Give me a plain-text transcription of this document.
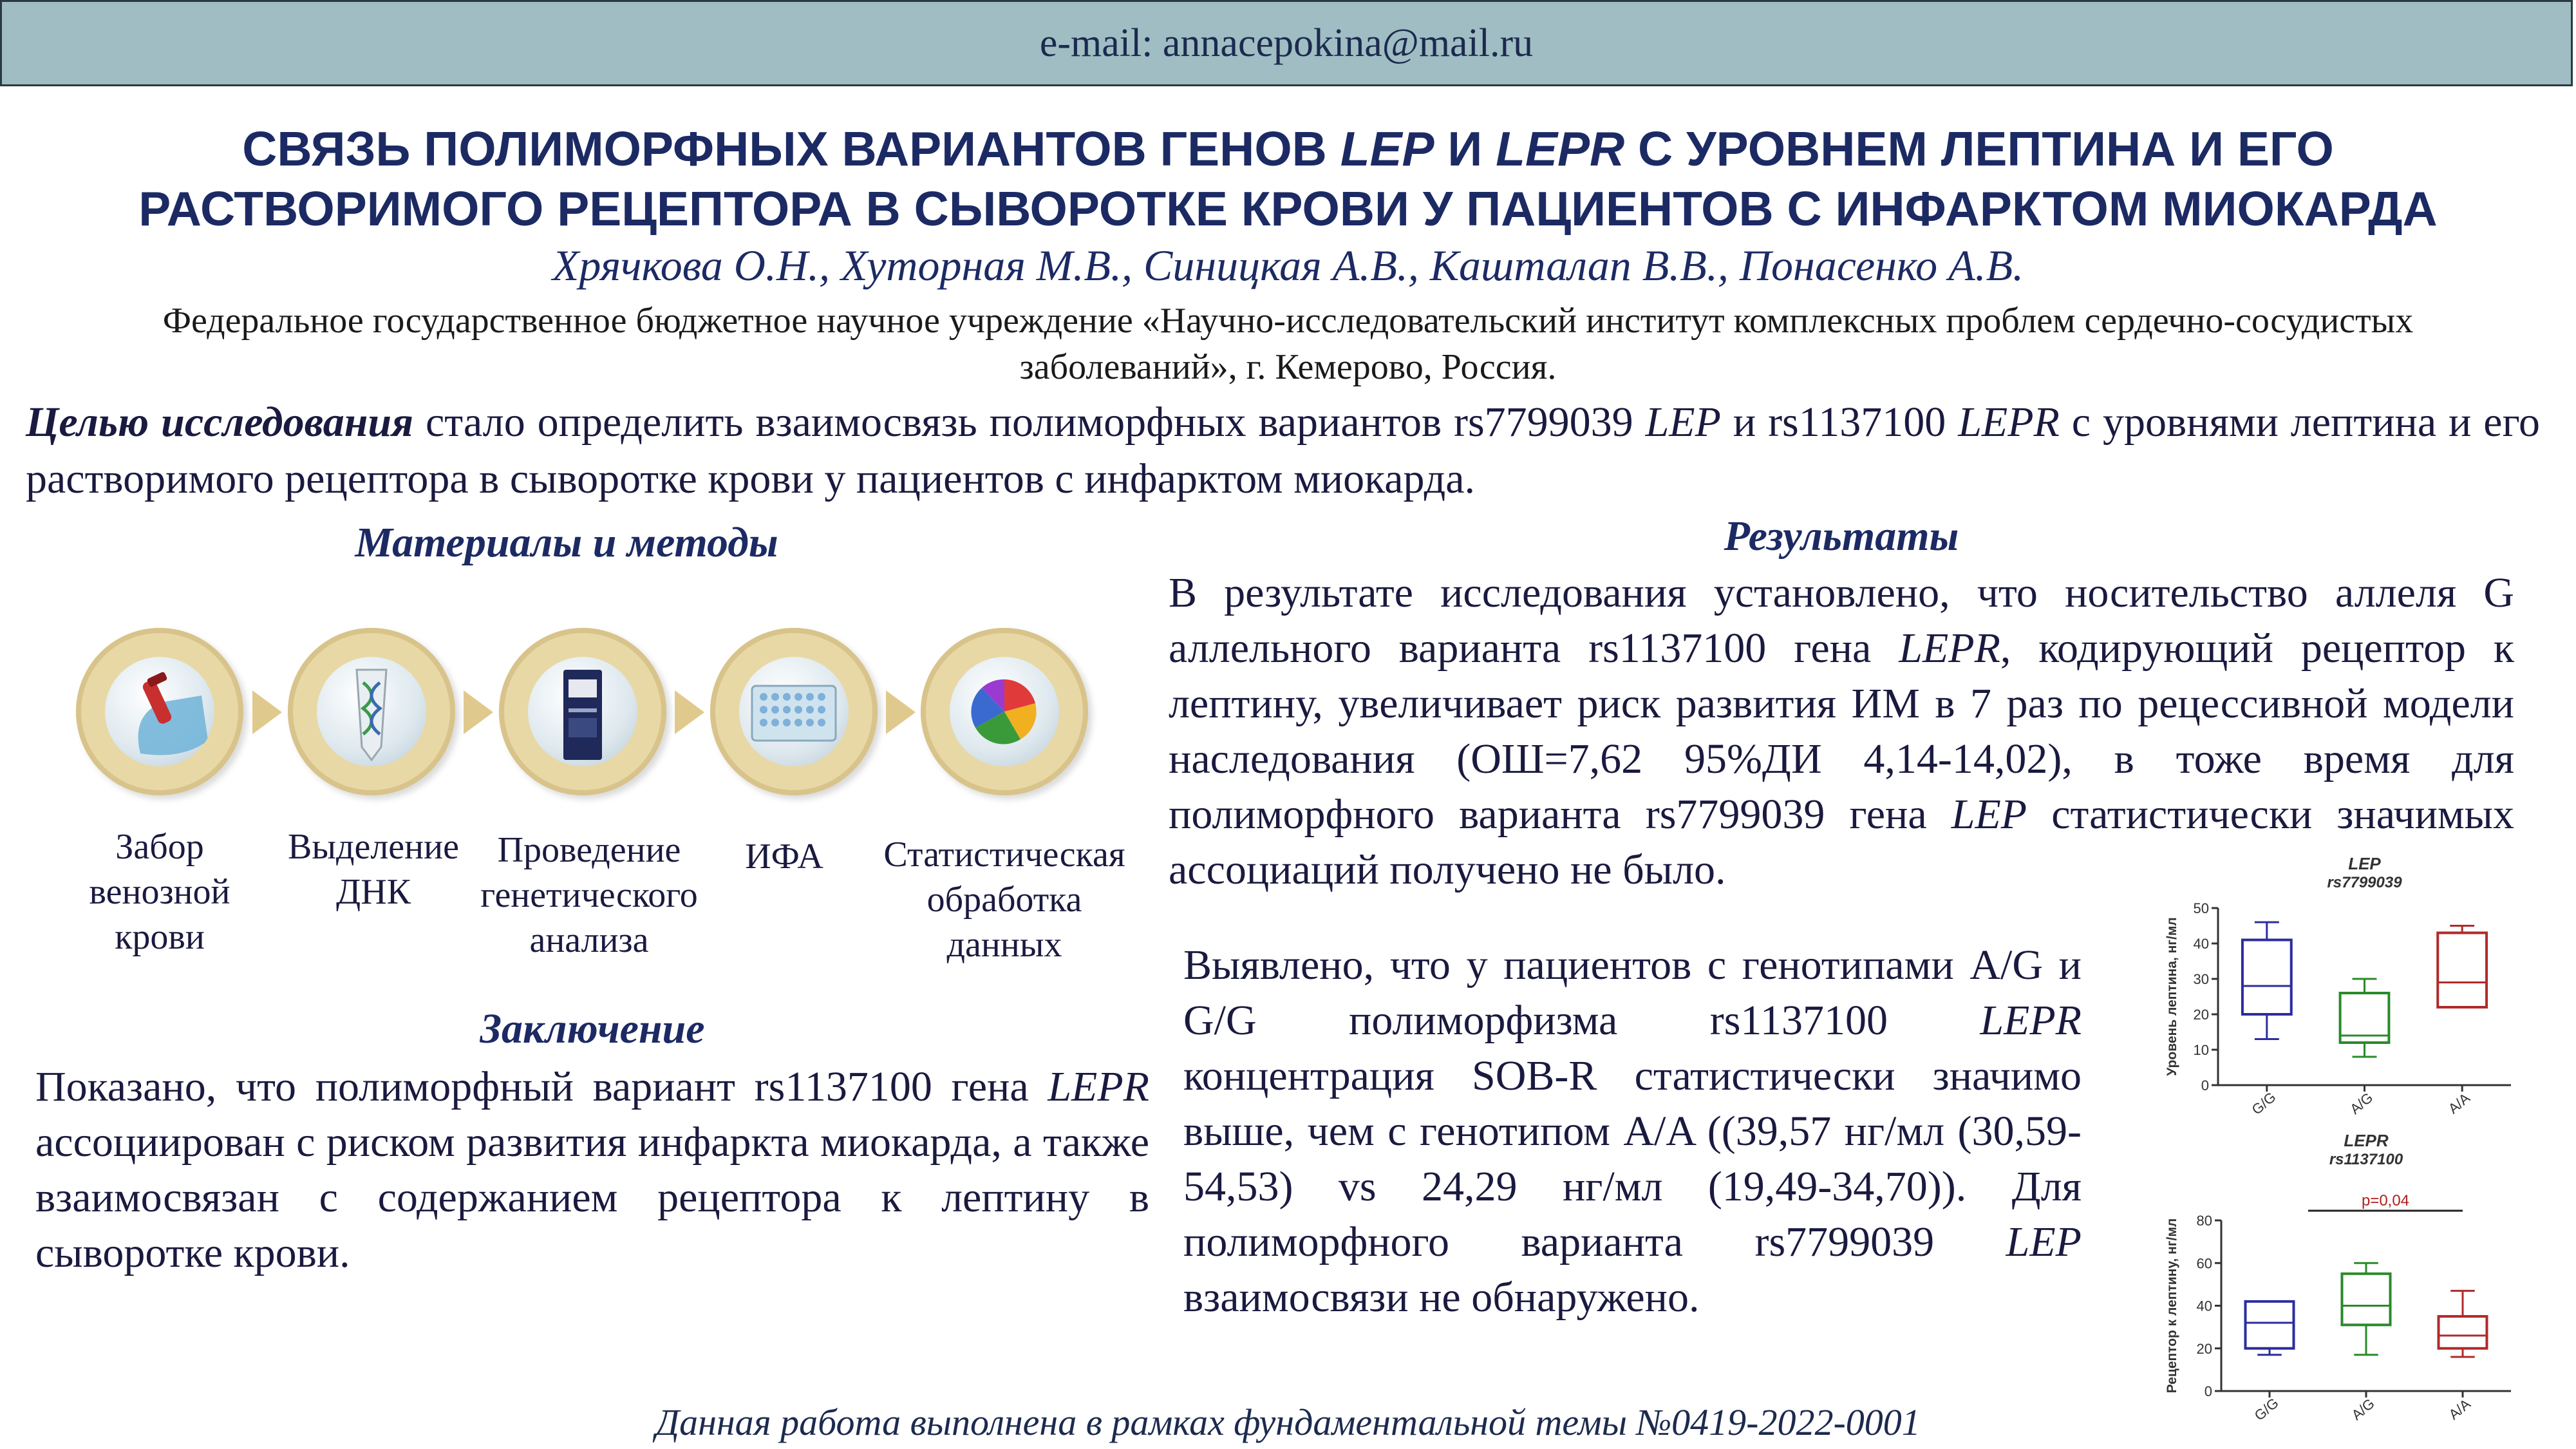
e-mail: annacepokina@mail.ru
СВЯЗЬ ПОЛИМОРФНЫХ ВАРИАНТОВ ГЕНОВ LEP И LEPR С УРОВНЕМ ЛЕПТИНА И ЕГО
РАСТВОРИМОГО РЕЦЕПТОРА В СЫВОРОТКЕ КРОВИ У ПАЦИЕНТОВ С ИНФАРКТОМ МИОКАРДА
Хрячкова О.Н., Хуторная М.В., Синицкая А.В., Кашталап В.В., Понасенко А.В.
Федеральное государственное бюджетное научное учреждение «Научно-исследовательский институт комплексных проблем сердечно-сосудистых заболеваний», г. Кемерово, Россия.
Целью исследования стало определить взаимосвязь полиморфных вариантов rs7799039 LEP и rs1137100 LEPR с уровнями лептина и его растворимого рецептора в сыворотке крови у пациентов с инфарктом миокарда.
Материалы и методы
Забор
венозной
крови
Выделение
ДНК
Проведение
генетического
анализа
ИФА	Статистическая
обработка
данных
Заключение
Показано, что полиморфный вариант rs1137100 гена LEPR ассоциирован с риском развития инфаркта миокарда, а также взаимосвязан с содержанием рецептора к лептину в сыворотке крови.
Результаты
В результате исследования установлено, что носительство аллеля G аллельного варианта rs1137100 гена LEPR, кодирующий рецептор к лептину, увеличивает риск развития ИМ в 7 раз по рецессивной модели наследования (ОШ=7,62 95%ДИ 4,14-14,02), в тоже время для полиморфного варианта rs7799039 гена LEP статистически значимых ассоциаций получено не было.
Выявлено, что у пациентов с генотипами A/G и G/G полиморфизма rs1137100 LEPR концентрация SOB-R статистически значимо выше, чем с генотипом A/A ((39,57 нг/мл (30,59-54,53) vs 24,29 нг/мл (19,49-34,70)). Для полиморфного варианта rs7799039 LEP взаимосвязи не обнаружено.
LEP
rs7799039
0
10
20
30
40
50
Уровень лептина, нг/мл
G/G	A/G	A/A
LEPR
rs1137100
0
20
40
60
80
Рецептор к лептину, нг/мл
G/G	A/G	A/A
p=0,04
Данная работа выполнена в рамках фундаментальной темы №0419-2022-0001
